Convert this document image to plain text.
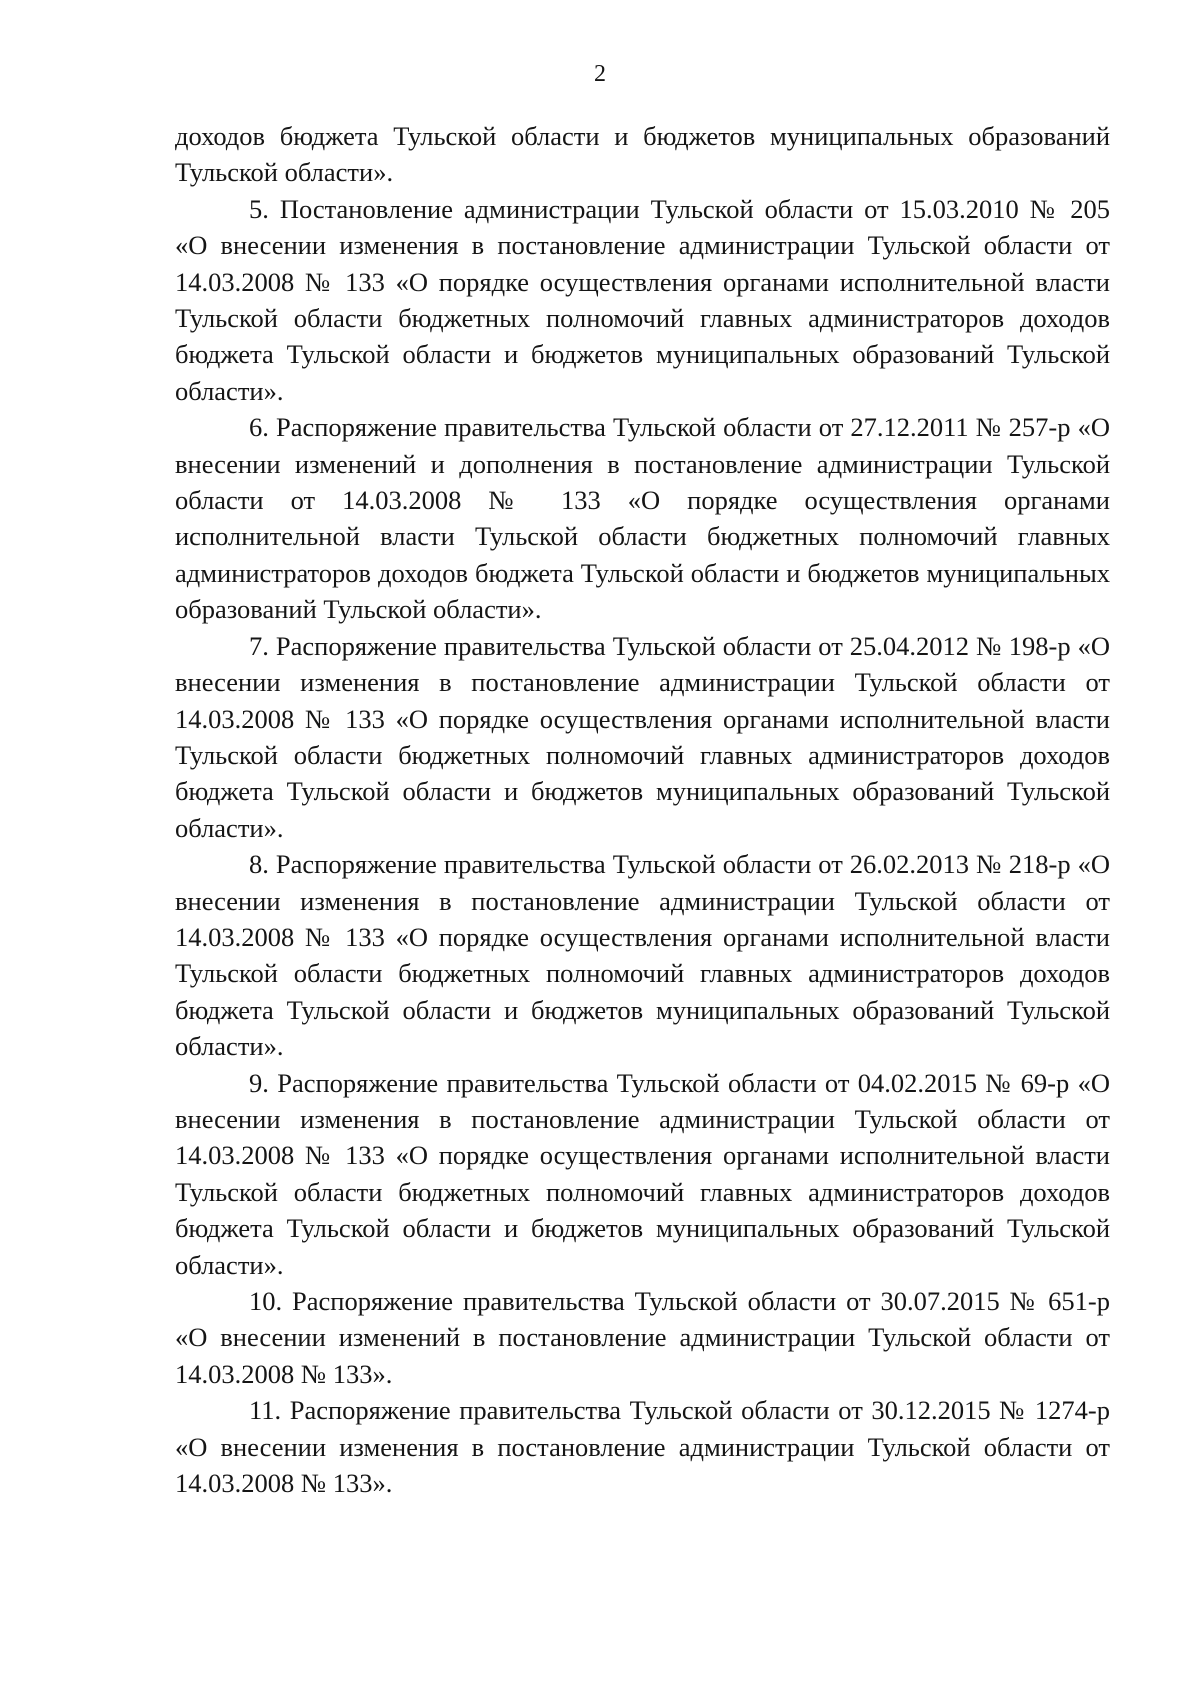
2

доходов бюджета Тульской области и бюджетов муниципальных образований Тульской области».

5. Постановление администрации Тульской области от 15.03.2010 № 205 «О внесении изменения в постановление администрации Тульской области от 14.03.2008 № 133 «О порядке осуществления органами исполнительной власти Тульской области бюджетных полномочий главных администраторов доходов бюджета Тульской области и бюджетов муниципальных образований Тульской области».

6. Распоряжение правительства Тульской области от 27.12.2011 № 257-р «О внесении изменений и дополнения в постановление администрации Тульской области от 14.03.2008 № 133 «О порядке осуществления органами исполнительной власти Тульской области бюджетных полномочий главных администраторов доходов бюджета Тульской области и бюджетов муниципальных образований Тульской области».

7. Распоряжение правительства Тульской области от 25.04.2012 № 198-р «О внесении изменения в постановление администрации Тульской области от 14.03.2008 № 133 «О порядке осуществления органами исполнительной власти Тульской области бюджетных полномочий главных администраторов доходов бюджета Тульской области и бюджетов муниципальных образований Тульской области».

8. Распоряжение правительства Тульской области от 26.02.2013 № 218-р «О внесении изменения в постановление администрации Тульской области от 14.03.2008 № 133 «О порядке осуществления органами исполнительной власти Тульской области бюджетных полномочий главных администраторов доходов бюджета Тульской области и бюджетов муниципальных образований Тульской области».

9. Распоряжение правительства Тульской области от 04.02.2015 № 69-р «О внесении изменения в постановление администрации Тульской области от 14.03.2008 № 133 «О порядке осуществления органами исполнительной власти Тульской области бюджетных полномочий главных администраторов доходов бюджета Тульской области и бюджетов муниципальных образований Тульской области».

10. Распоряжение правительства Тульской области от 30.07.2015 № 651-р «О внесении изменений в постановление администрации Тульской области от 14.03.2008 № 133».

11. Распоряжение правительства Тульской области от 30.12.2015 № 1274-р «О внесении изменения в постановление администрации Тульской области от 14.03.2008 № 133».
